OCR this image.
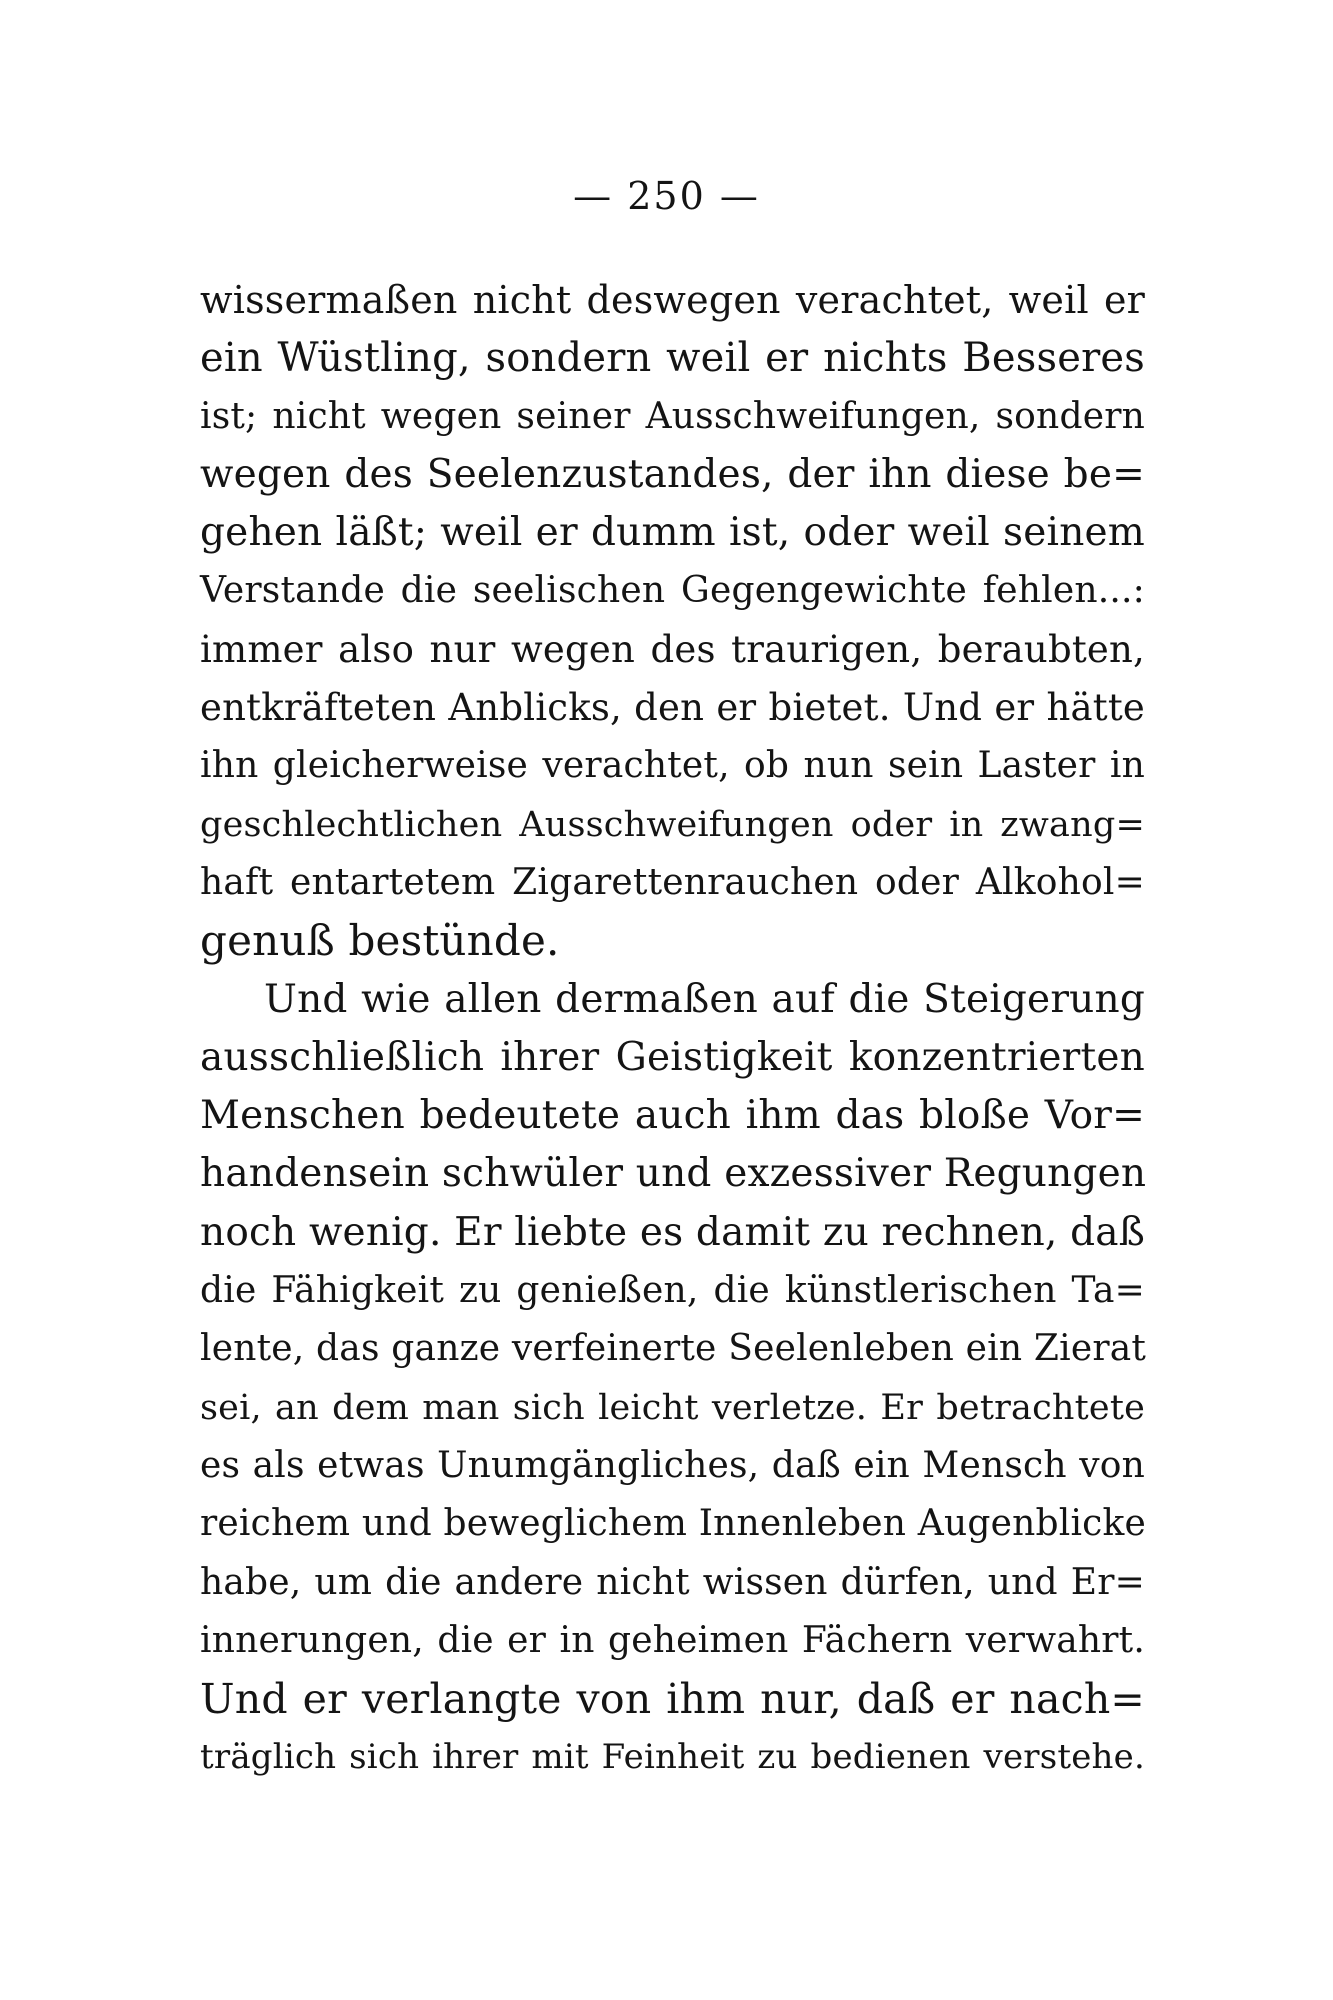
— 250 —
wissermaßen nicht deswegen verachtet, weil er
ein Wüstling, sondern weil er nichts Besseres
ist; nicht wegen seiner Ausschweifungen, sondern
wegen des Seelenzustandes, der ihn diese be=
gehen läßt; weil er dumm ist, oder weil seinem
Verstande die seelischen Gegengewichte fehlen...:
immer also nur wegen des traurigen, beraubten,
entkräfteten Anblicks, den er bietet. Und er hätte
ihn gleicherweise verachtet, ob nun sein Laster in
geschlechtlichen Ausschweifungen oder in zwang=
haft entartetem Zigarettenrauchen oder Alkohol=
genuß bestünde.
Und wie allen dermaßen auf die Steigerung
ausschließlich ihrer Geistigkeit konzentrierten
Menschen bedeutete auch ihm das bloße Vor=
handensein schwüler und exzessiver Regungen
noch wenig. Er liebte es damit zu rechnen, daß
die Fähigkeit zu genießen, die künstlerischen Ta=
lente, das ganze verfeinerte Seelenleben ein Zierat
sei, an dem man sich leicht verletze. Er betrachtete
es als etwas Unumgängliches, daß ein Mensch von
reichem und beweglichem Innenleben Augenblicke
habe, um die andere nicht wissen dürfen, und Er=
innerungen, die er in geheimen Fächern verwahrt.
Und er verlangte von ihm nur, daß er nach=
träglich sich ihrer mit Feinheit zu bedienen verstehe.
